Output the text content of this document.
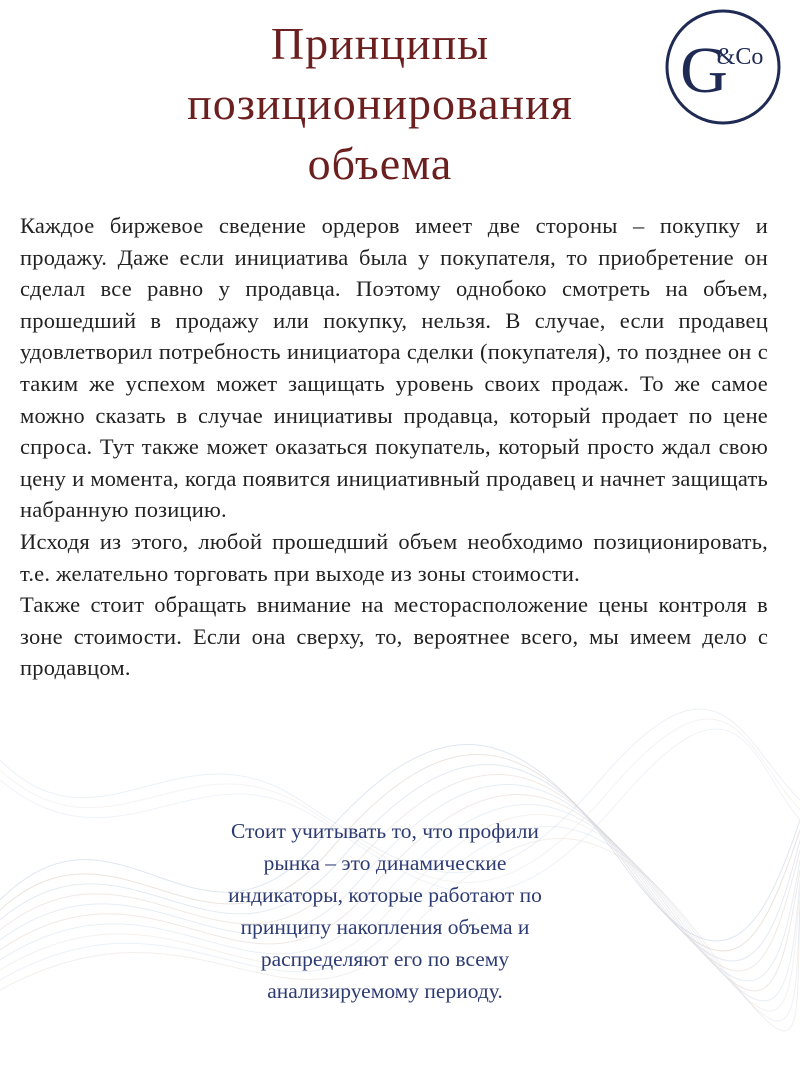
Принципы
позиционирования
объема
G
&Co

Каждое биржевое сведение ордеров имеет две стороны – покупку и продажу. Даже если инициатива была у покупателя, то приобретение он сделал все равно у продавца. Поэтому однобоко смотреть на объем, прошедший в продажу или покупку, нельзя. В случае, если продавец удовлетворил потребность инициатора сделки (покупателя), то позднее он с таким же успехом может защищать уровень своих продаж. То же самое можно сказать в случае инициативы продавца, который продает по цене спроса. Тут также может оказаться покупатель, который просто ждал свою цену и момента, когда появится инициативный продавец и начнет защищать набранную позицию.

Исходя из этого, любой прошедший объем необходимо позиционировать, т.е. желательно торговать при выходе из зоны стоимости.

Также стоит обращать внимание на месторасположение цены контроля в зоне стоимости. Если она сверху, то, вероятнее всего, мы имеем дело с продавцом.

Стоит учитывать то, что профили
рынка – это динамические
индикаторы, которые работают по
принципу накопления объема и
распределяют его по всему
анализируемому периоду.
